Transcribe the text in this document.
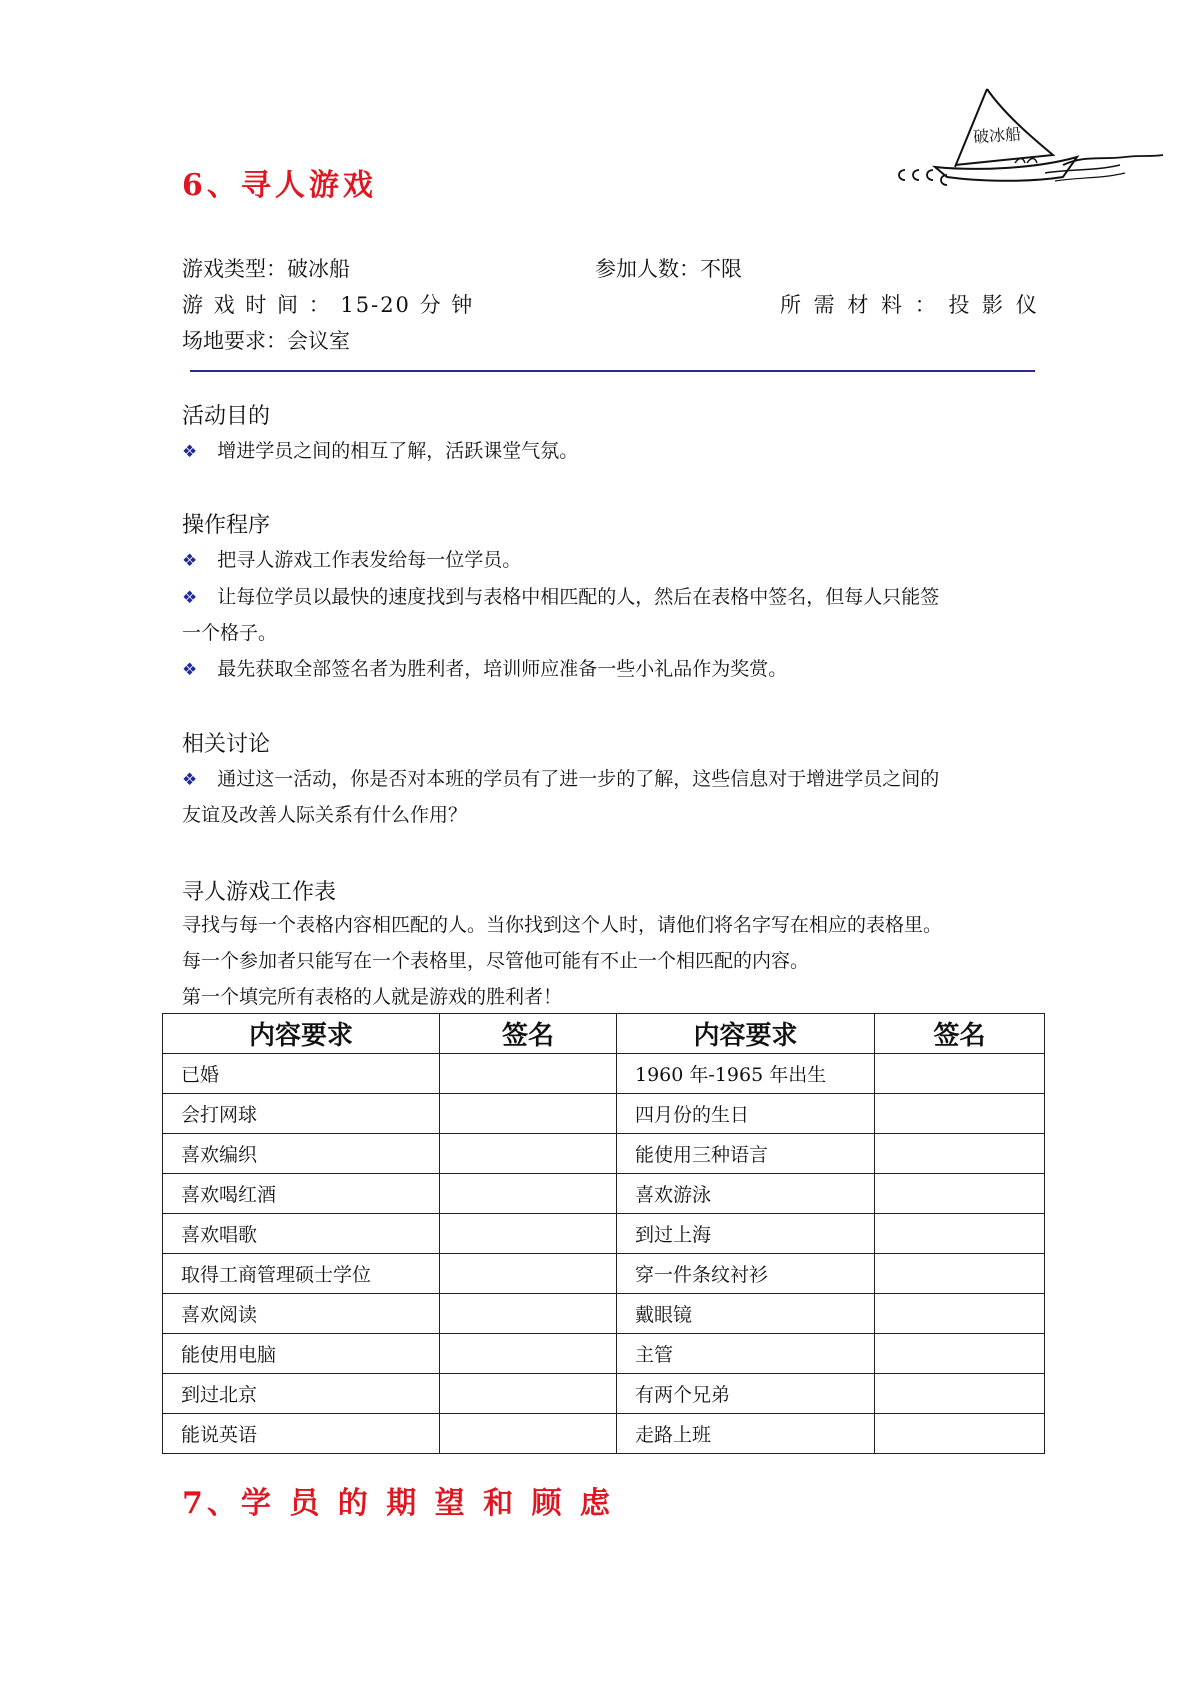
破冰船
6、寻人游戏
游戏类型：破冰船	参加人数：不限
游 戏 时 间 ： 15-20 分 钟	所 需 材 料 ： 投 影 仪
场地要求：会议室
活动目的
❖ 增进学员之间的相互了解，活跃课堂气氛。
操作程序
❖ 把寻人游戏工作表发给每一位学员。
❖ 让每位学员以最快的速度找到与表格中相匹配的人，然后在表格中签名，但每人只能签
一个格子。
❖ 最先获取全部签名者为胜利者，培训师应准备一些小礼品作为奖赏。
相关讨论
❖ 通过这一活动，你是否对本班的学员有了进一步的了解，这些信息对于增进学员之间的
友谊及改善人际关系有什么作用？
寻人游戏工作表
寻找与每一个表格内容相匹配的人。当你找到这个人时，请他们将名字写在相应的表格里。
每一个参加者只能写在一个表格里，尽管他可能有不止一个相匹配的内容。
第一个填完所有表格的人就是游戏的胜利者！
内容要求	签名	内容要求	签名
已婚		1960 年-1965 年出生	
会打网球		四月份的生日	
喜欢编织		能使用三种语言	
喜欢喝红酒		喜欢游泳	
喜欢唱歌		到过上海	
取得工商管理硕士学位		穿一件条纹衬衫	
喜欢阅读		戴眼镜	
能使用电脑		主管	
到过北京		有两个兄弟	
能说英语		走路上班	
7、学 员 的 期 望 和 顾 虑
